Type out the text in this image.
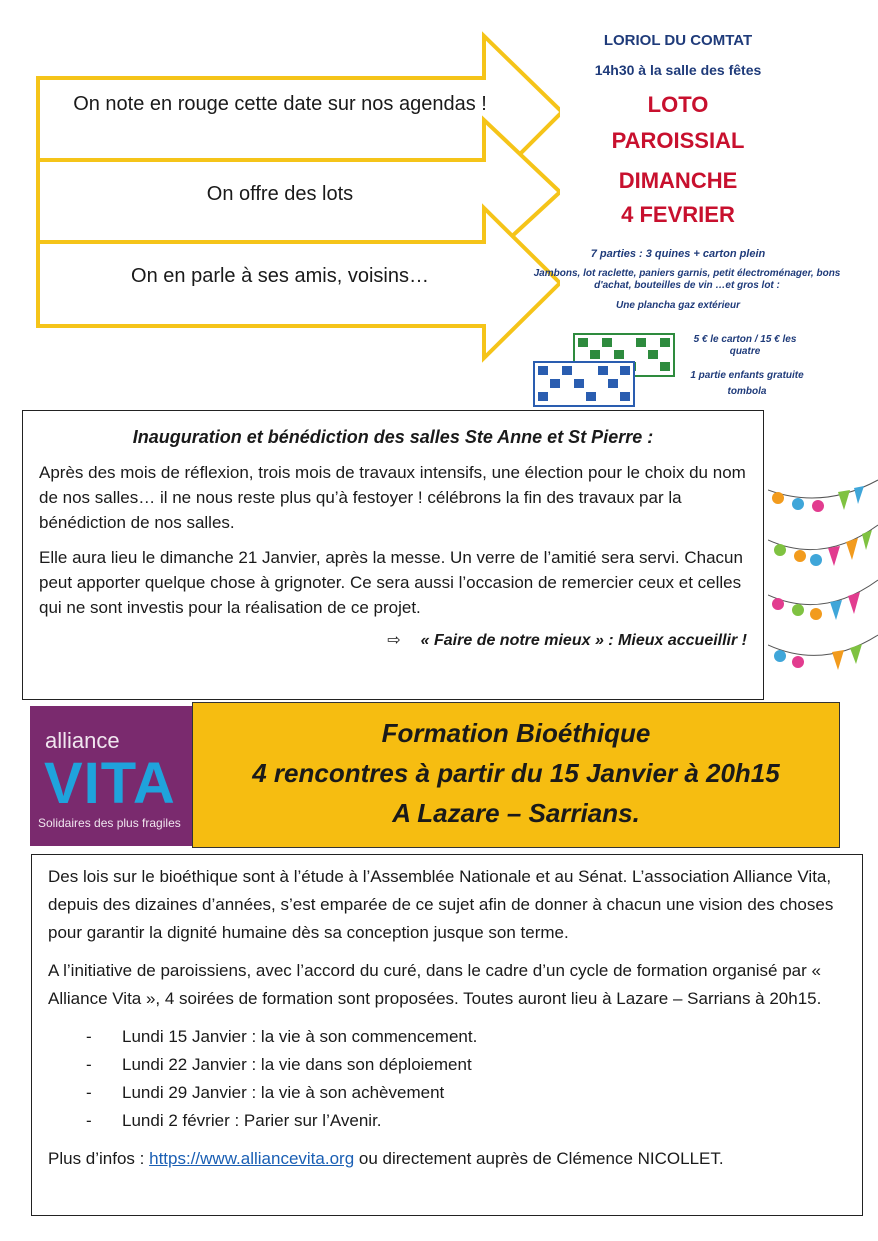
On note en rouge cette date sur nos agendas !
On offre des lots
On en parle à ses amis, voisins…
LORIOL DU COMTAT
14h30 à la salle des fêtes
LOTO
PAROISSIAL
DIMANCHE
4 FEVRIER
7 parties : 3 quines + carton plein
Jambons, lot raclette, paniers garnis, petit électroménager, bons d'achat, bouteilles de vin …et gros lot :
Une plancha gaz extérieur
5 € le carton / 15 € les quatre
1 partie enfants gratuite
tombola
Inauguration et bénédiction des salles Ste Anne et St Pierre :

Après des mois de réflexion, trois mois de travaux intensifs, une élection pour le choix du nom de nos salles… il ne nous reste plus qu’à festoyer ! célébrons la fin des travaux par la bénédiction de nos salles.

Elle aura lieu le dimanche 21 Janvier, après la messe. Un verre de l’amitié sera servi. Chacun peut apporter quelque chose à grignoter. Ce sera aussi l’occasion de remercier ceux et celles qui ne sont investis pour la réalisation de ce projet.

⇨ « Faire de notre mieux » : Mieux accueillir !
alliance
VITA
Solidaires des plus fragiles
Formation Bioéthique
4 rencontres à partir du 15 Janvier à 20h15
A Lazare – Sarrians.

Des lois sur le bioéthique sont à l’étude à l’Assemblée Nationale et au Sénat. L’association Alliance Vita, depuis des dizaines d’années, s’est emparée de ce sujet afin de donner à chacun une vision des choses pour garantir la dignité humaine dès sa conception jusque son terme.

A l’initiative de paroissiens, avec l’accord du curé, dans le cadre d’un cycle de formation organisé par « Alliance Vita », 4 soirées de formation sont proposées. Toutes auront lieu à Lazare – Sarrians à 20h15.

- Lundi 15 Janvier : la vie à son commencement.
- Lundi 22 Janvier : la vie dans son déploiement
- Lundi 29 Janvier : la vie à son achèvement
- Lundi 2 février : Parier sur l’Avenir.

Plus d’infos : https://www.alliancevita.org ou directement auprès de Clémence NICOLLET.
